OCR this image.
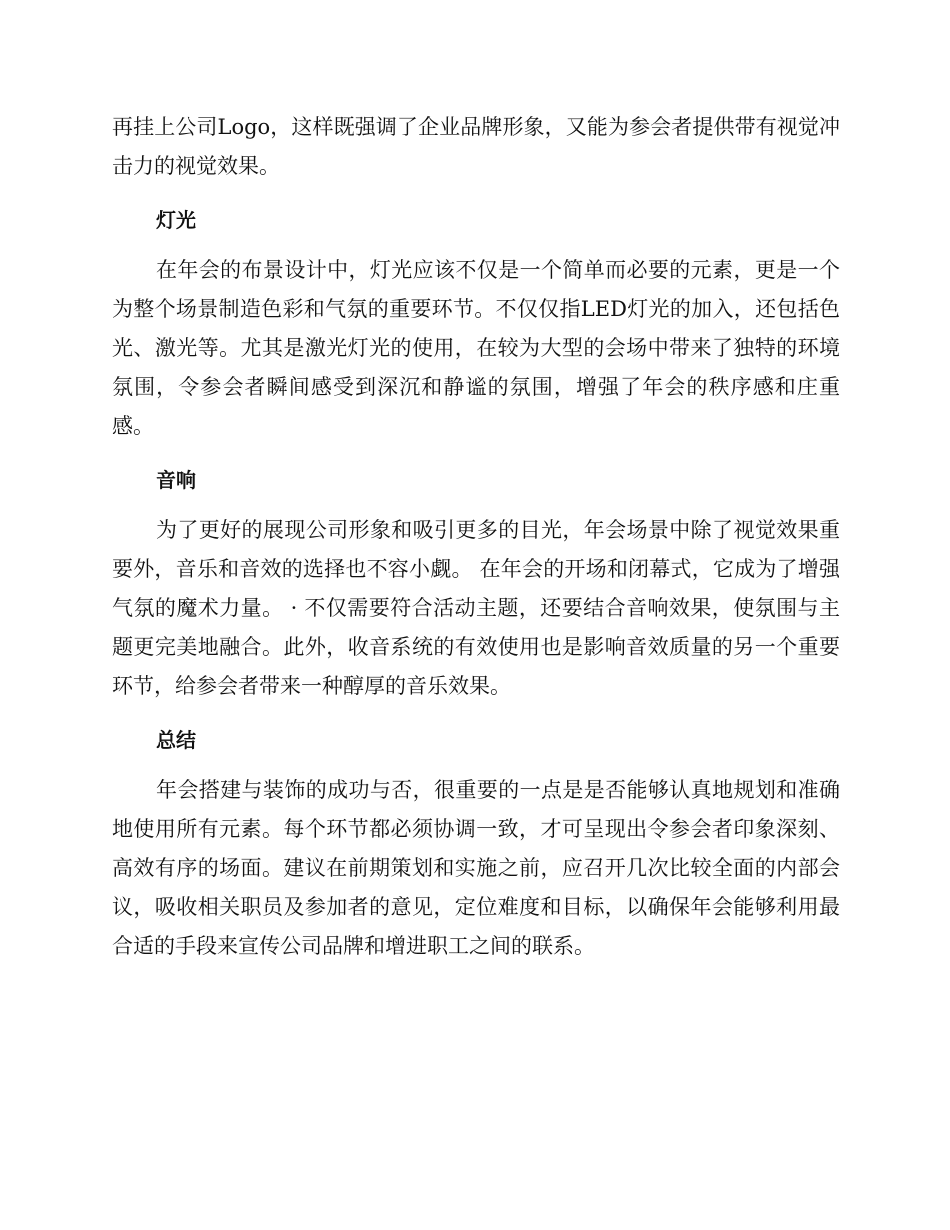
再挂上公司Logo，这样既强调了企业品牌形象，又能为参会者提供带有视觉冲击力的视觉效果。

灯光

在年会的布景设计中，灯光应该不仅是一个简单而必要的元素，更是一个为整个场景制造色彩和气氛的重要环节。不仅仅指LED灯光的加入，还包括色光、激光等。尤其是激光灯光的使用，在较为大型的会场中带来了独特的环境氛围，令参会者瞬间感受到深沉和静谧的氛围，增强了年会的秩序感和庄重感。

音响

为了更好的展现公司形象和吸引更多的目光，年会场景中除了视觉效果重要外，音乐和音效的选择也不容小觑。 在年会的开场和闭幕式，它成为了增强气氛的魔术力量。 · 不仅需要符合活动主题，还要结合音响效果，使氛围与主题更完美地融合。此外，收音系统的有效使用也是影响音效质量的另一个重要环节，给参会者带来一种醇厚的音乐效果。

总结

年会搭建与装饰的成功与否，很重要的一点是是否能够认真地规划和准确地使用所有元素。每个环节都必须协调一致，才可呈现出令参会者印象深刻、高效有序的场面。建议在前期策划和实施之前，应召开几次比较全面的内部会议，吸收相关职员及参加者的意见，定位难度和目标，以确保年会能够利用最合适的手段来宣传公司品牌和增进职工之间的联系。
